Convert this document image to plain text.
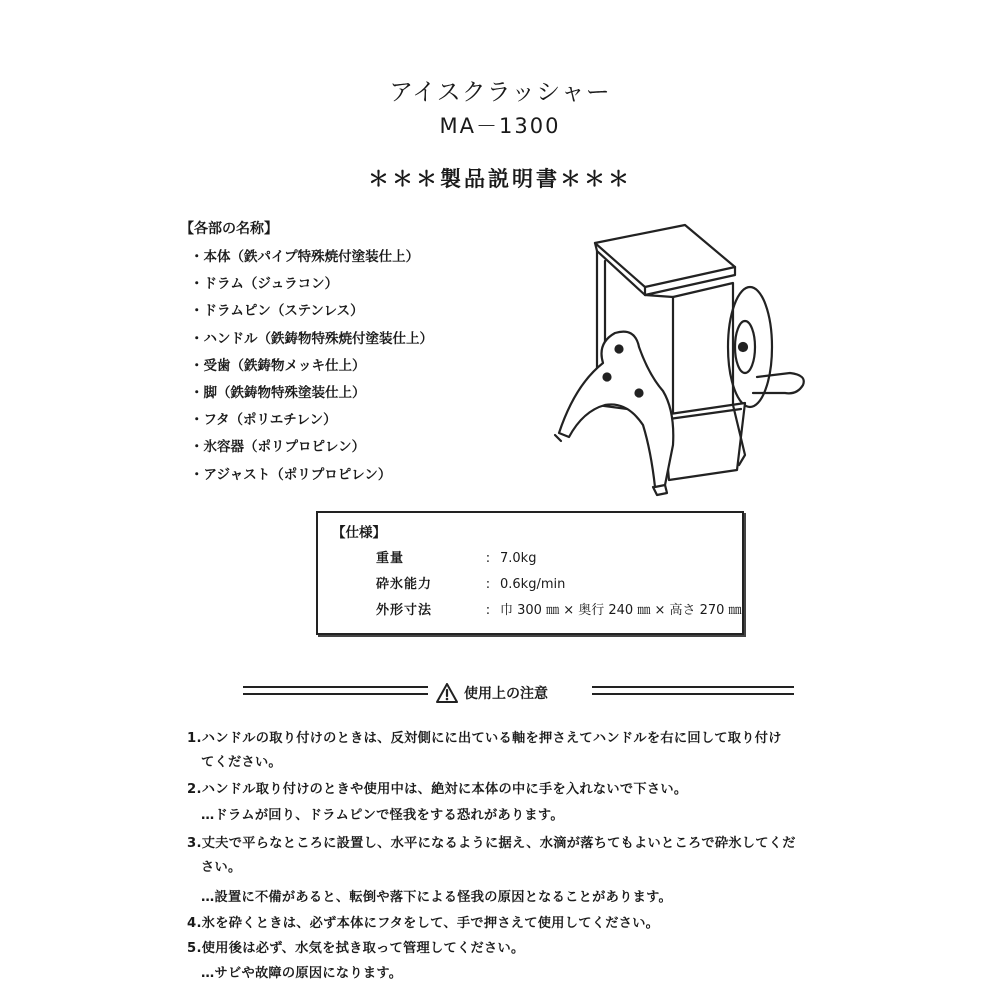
アイスクラッシャー
MA－1300
＊＊＊製品説明書＊＊＊
【各部の名称】
・ 本体（鉄パイプ特殊焼付塗装仕上）
・ ドラム（ジュラコン）
・ ドラムピン（ステンレス）
・ ハンドル（鉄鋳物特殊焼付塗装仕上）
・ 受歯（鉄鋳物メッキ仕上）
・ 脚（鉄鋳物特殊塗装仕上）
・ フタ（ポリエチレン）
・ 氷容器（ポリプロピレン）
・ アジャスト（ポリプロピレン）
【仕様】
重量	: 7.0kg
砕氷能力	: 0.6kg/min
外形寸法	: 巾 300 ㎜ × 奥行 240 ㎜ × 高さ 270 ㎜
使用上の注意
1.ハンドルの取り付けのときは、反対側にに出ている軸を押さえてハンドルを右に回して取り付け
てください。
2.ハンドル取り付けのときや使用中は、絶対に本体の中に手を入れないで下さい。
…ドラムが回り、ドラムピンで怪我をする恐れがあります。
3.丈夫で平らなところに設置し、水平になるように据え、水滴が落ちてもよいところで砕氷してくだ
さい。
…設置に不備があると、転倒や落下による怪我の原因となることがあります。
4.氷を砕くときは、必ず本体にフタをして、手で押さえて使用してください。
5.使用後は必ず、水気を拭き取って管理してください。
…サビや故障の原因になります。
